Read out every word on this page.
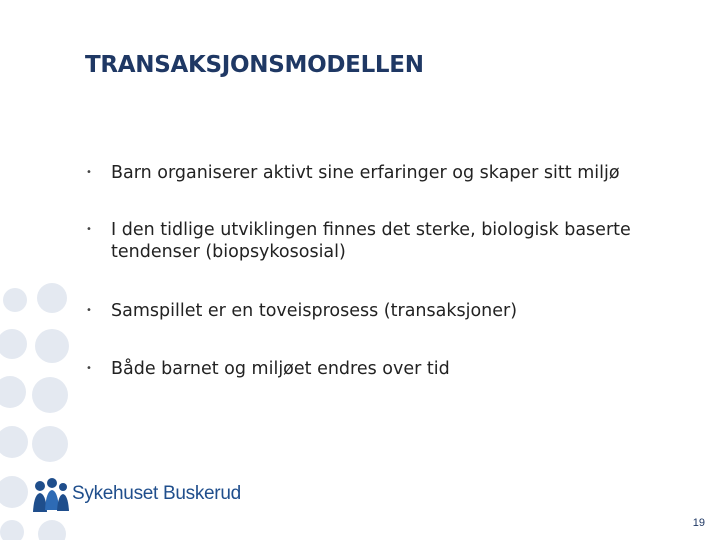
TRANSAKSJONSMODELLEN
•	Barn organiserer aktivt sine erfaringer og skaper sitt miljø
•	I den tidlige utviklingen finnes det sterke, biologisk baserte tendenser (biopsykososial)
•	Samspillet er en toveisprosess (transaksjoner)
•	Både barnet og miljøet endres over tid
Sykehuset Buskerud
19
